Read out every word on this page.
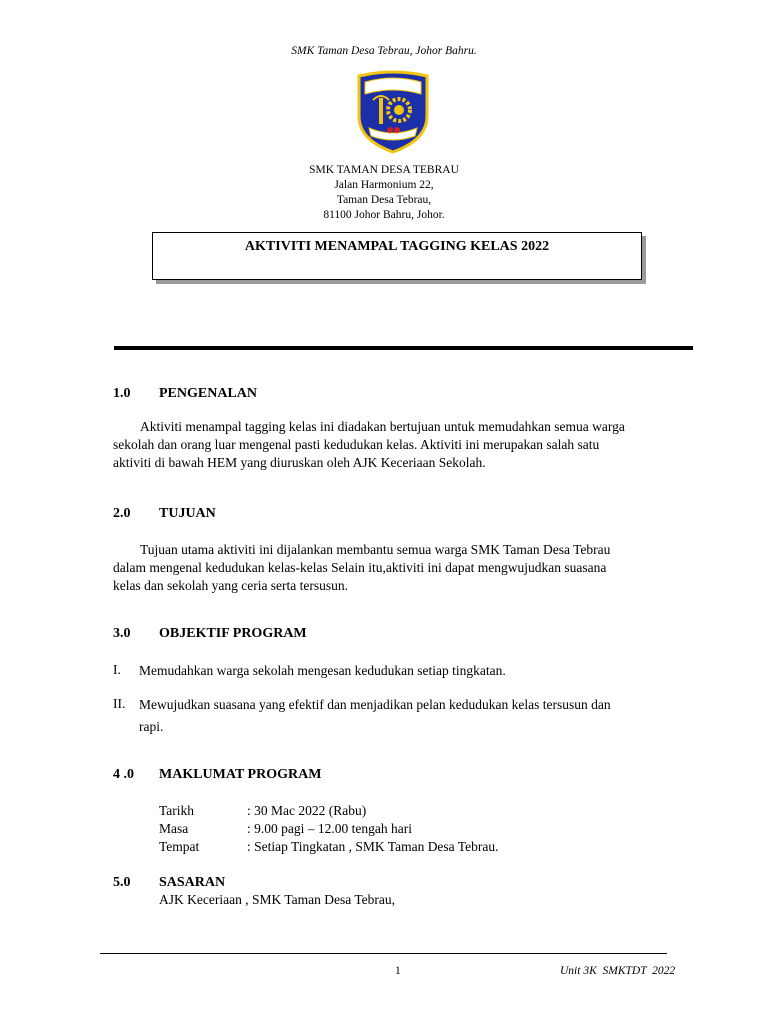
SMK Taman Desa Tebrau, Johor Bahru.
SMK TAMAN DESA TEBRAU
Jalan Harmonium 22,
Taman Desa Tebrau,
81100 Johor Bahru, Johor.
AKTIVITI MENAMPAL TAGGING KELAS 2022
1.0 PENGENALAN

Aktiviti menampal tagging kelas ini diadakan bertujuan untuk memudahkan semua warga

sekolah dan orang luar mengenal pasti kedudukan kelas. Aktiviti ini merupakan salah satu

aktiviti di bawah HEM yang diuruskan oleh AJK Keceriaan Sekolah.

2.0 TUJUAN

Tujuan utama aktiviti ini dijalankan membantu semua warga SMK Taman Desa Tebrau

dalam mengenal kedudukan kelas-kelas Selain itu,aktiviti ini dapat mengwujudkan suasana

kelas dan sekolah yang ceria serta tersusun.

3.0 OBJEKTIF PROGRAM
I. Memudahkan warga sekolah mengesan kedudukan setiap tingkatan.

II. Mewujudkan suasana yang efektif dan menjadikan pelan kedudukan kelas tersusun dan

rapi.

4 .0 MAKLUMAT PROGRAM
Tarikh	: 30 Mac 2022 (Rabu)
Masa	: 9.00 pagi – 12.00 tengah hari
Tempat	: Setiap Tingkatan , SMK Taman Desa Tebrau.
5.0 SASARAN
AJK Keceriaan , SMK Taman Desa Tebrau,
1	Unit 3K  SMKTDT  2022
